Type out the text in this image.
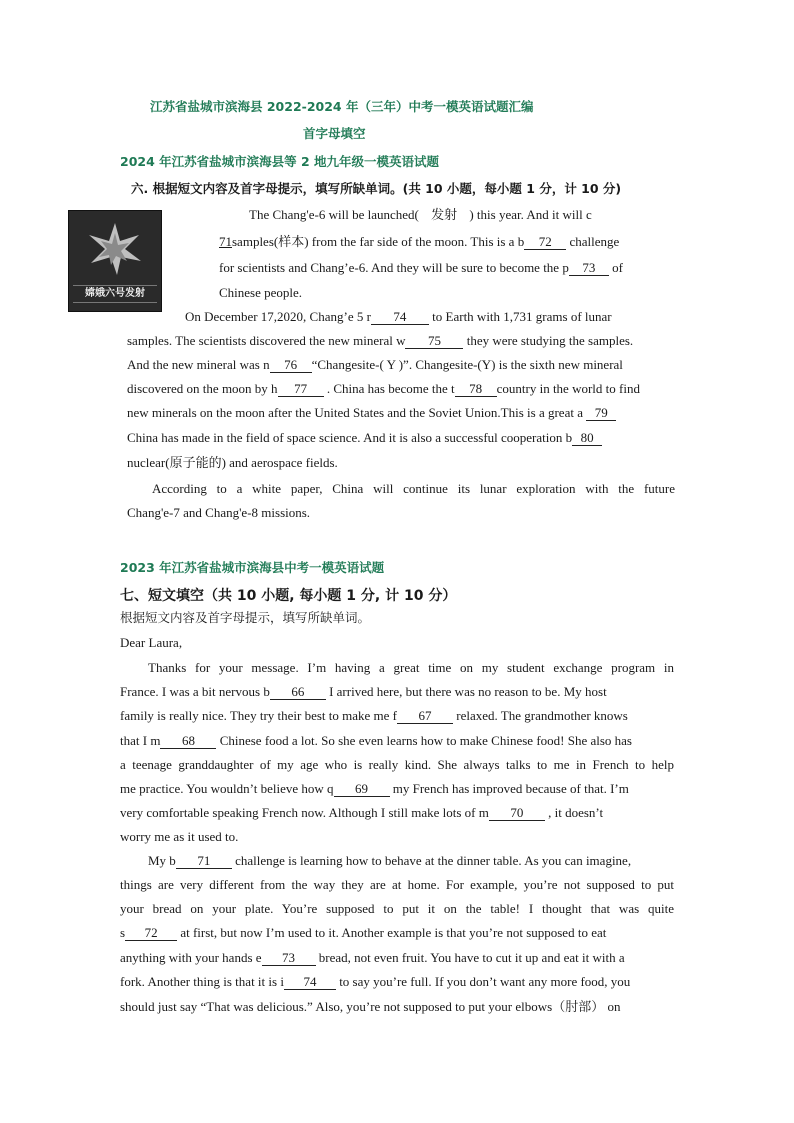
江苏省盐城市滨海县 2022-2024 年（三年）中考一模英语试题汇编
首字母填空
2024 年江苏省盐城市滨海县等 2 地九年级一模英语试题
六. 根据短文内容及首字母提示，填写所缺单词。(共 10 小题，每小题 1 分，计 10 分)
嫦娥六号发射
The Chang'e-6 will be launched( 发射 ) this year. And it will c
71samples(样本) from the far side of the moon. This is a b 72 challenge
for scientists and Chang’e-6. And they will be sure to become the p 73 of
Chinese people.
On December 17,2020, Chang’e 5 r 74 to Earth with 1,731 grams of lunar
samples. The scientists discovered the new mineral w 75 they were studying the samples.
And the new mineral was n 76 “Changesite-( Y )”. Changesite-(Y) is the sixth new mineral
discovered on the moon by h 77 . China has become the t 78 country in the world to find
new minerals on the moon after the United States and the Soviet Union.This is a great a 79
China has made in the field of space science. And it is also a successful cooperation b 80
nuclear(原子能的) and aerospace fields.
According to a white paper, China will continue its lunar exploration with the future
Chang'e-7 and Chang'e-8 missions.
2023 年江苏省盐城市滨海县中考一模英语试题
七、短文填空（共 10 小题, 每小题 1 分, 计 10 分）
根据短文内容及首字母提示，填写所缺单词。
Dear Laura,
Thanks for your message. I’m having a great time on my student exchange program in
France. I was a bit nervous b 66 I arrived here, but there was no reason to be. My host
family is really nice. They try their best to make me f 67 relaxed. The grandmother knows
that I m 68 Chinese food a lot. So she even learns how to make Chinese food! She also has
a teenage granddaughter of my age who is really kind. She always talks to me in French to help
me practice. You wouldn’t believe how q 69 my French has improved because of that. I’m
very comfortable speaking French now. Although I still make lots of m 70 , it doesn’t
worry me as it used to.
My b 71 challenge is learning how to behave at the dinner table. As you can imagine,
things are very different from the way they are at home. For example, you’re not supposed to put
your bread on your plate. You’re supposed to put it on the table! I thought that was quite
s 72 at first, but now I’m used to it. Another example is that you’re not supposed to eat
anything with your hands e 73 bread, not even fruit. You have to cut it up and eat it with a
fork. Another thing is that it is i 74 to say you’re full. If you don’t want any more food, you
should just say “That was delicious.” Also, you’re not supposed to put your elbows（肘部） on
